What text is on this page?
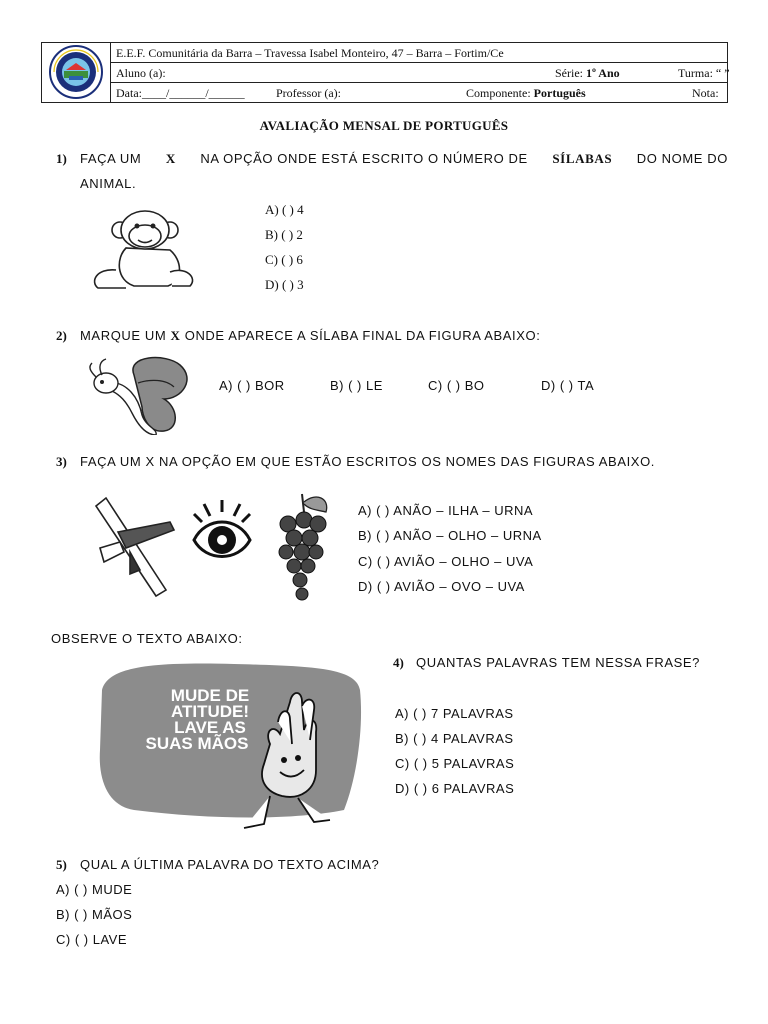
E.E.F. Comunitária da Barra – Travessa Isabel Monteiro, 47 – Barra – Fortim/Ce
Aluno (a):	Série: 1º Ano	Turma: “ ”
Data:____/______/______	Professor (a):	Componente: Português	Nota:
AVALIAÇÃO MENSAL DE PORTUGUÊS
1) FAÇA UM X NA OPÇÃO ONDE ESTÁ ESCRITO O NÚMERO DE SÍLABAS DO NOME DO
ANIMAL.
A) ( ) 4
B) ( ) 2
C) ( ) 6
D) ( ) 3
2) MARQUE UM X ONDE APARECE A SÍLABA FINAL DA FIGURA ABAIXO:
A) ( ) BOR	B) ( ) LE	C) ( ) BO	D) ( ) TA
3) FAÇA UM X NA OPÇÃO EM QUE ESTÃO ESCRITOS OS NOMES DAS FIGURAS ABAIXO.
A) ( ) ANÃO – ILHA – URNA
B) ( ) ANÃO – OLHO – URNA
C) ( ) AVIÃO – OLHO – UVA
D) ( ) AVIÃO – OVO – UVA
OBSERVE O TEXTO ABAIXO:
MUDE DE
ATITUDE!
LAVE AS
SUAS MÃOS
4) QUANTAS PALAVRAS TEM NESSA FRASE?
A) ( ) 7 PALAVRAS
B) ( ) 4 PALAVRAS
C) ( ) 5 PALAVRAS
D) ( ) 6 PALAVRAS
5) QUAL A ÚLTIMA PALAVRA DO TEXTO ACIMA?
A) ( ) MUDE
B) ( ) MÃOS
C) ( ) LAVE
